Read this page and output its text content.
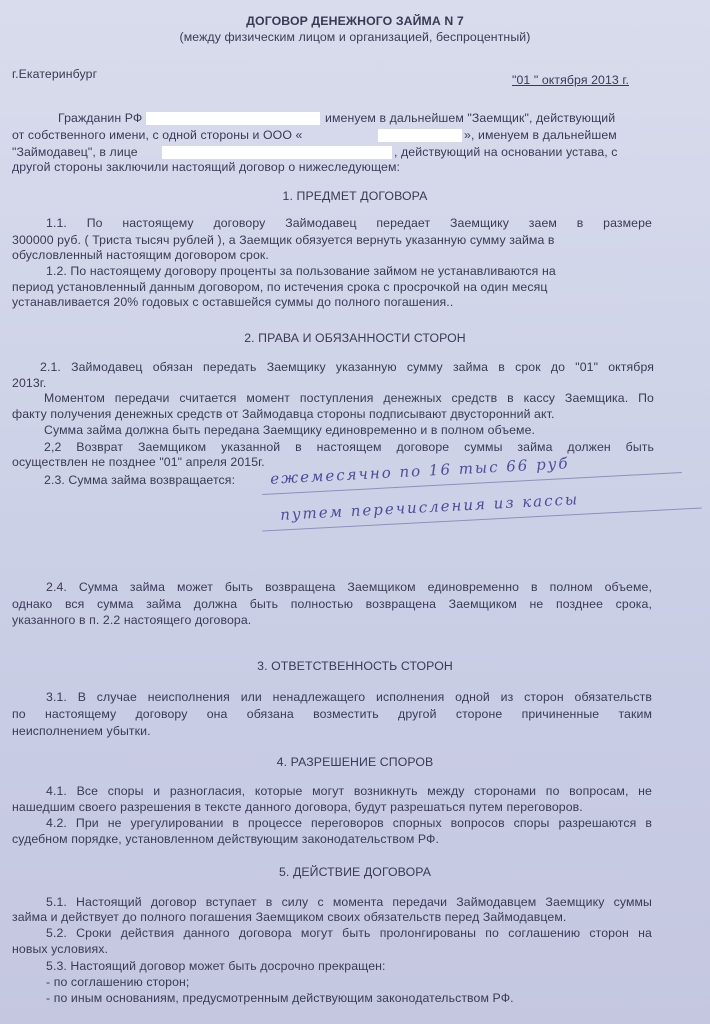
ДОГОВОР ДЕНЕЖНОГО ЗАЙМА N 7
(между физическим лицом и организацией, беспроцентный)
г.Екатеринбург	"01 " октября 2013 г.
Гражданин РФ	именуем в дальнейшем "Заемщик", действующий
от собственного имени, с одной стороны и ООО «	», именуем в дальнейшем
"Займодавец", в лице	, действующий на основании устава, с
другой стороны заключили настоящий договор о нижеследующем:
1. ПРЕДМЕТ ДОГОВОРА
1.1. По настоящему договору Займодавец передает Заемщику заем в размере
300000 руб. ( Триста тысяч рублей ), а Заемщик обязуется вернуть указанную сумму займа в
обусловленный настоящим договором срок.
1.2. По настоящему договору проценты за пользование займом не устанавливаются на
период установленный данным договором, по истечения срока с просрочкой на один месяц
устанавливается 20% годовых с оставшейся суммы до полного погашения..
2. ПРАВА И ОБЯЗАННОСТИ СТОРОН
2.1. Займодавец обязан передать Заемщику указанную сумму займа в срок до "01" октября
2013г.
Моментом передачи считается момент поступления денежных средств в кассу Заемщика. По
факту получения денежных средств от Займодавца стороны подписывают двусторонний акт.
Сумма займа должна быть передана Заемщику единовременно и в полном объеме.
2,2 Возврат Заемщиком указанной в настоящем договоре суммы займа должен быть
осуществлен не позднее "01" апреля 2015г.
2.3. Сумма займа возвращается: ежемесячно по 16 тыс 66 руб
путем перечисления из кассы
2.4. Сумма займа может быть возвращена Заемщиком единовременно в полном объеме,
однако вся сумма займа должна быть полностью возвращена Заемщиком не позднее срока,
указанного в п. 2.2 настоящего договора.
3. ОТВЕТСТВЕННОСТЬ СТОРОН
3.1. В случае неисполнения или ненадлежащего исполнения одной из сторон обязательств
по настоящему договору она обязана возместить другой стороне причиненные таким
неисполнением убытки.
4. РАЗРЕШЕНИЕ СПОРОВ
4.1. Все споры и разногласия, которые могут возникнуть между сторонами по вопросам, не
нашедшим своего разрешения в тексте данного договора, будут разрешаться путем переговоров.
4.2. При не урегулировании в процессе переговоров спорных вопросов споры разрешаются в
судебном порядке, установленном действующим законодательством РФ.
5. ДЕЙСТВИЕ ДОГОВОРА
5.1. Настоящий договор вступает в силу с момента передачи Займодавцем Заемщику суммы
займа и действует до полного погашения Заемщиком своих обязательств перед Займодавцем.
5.2. Сроки действия данного договора могут быть пролонгированы по соглашению сторон на
новых условиях.
5.3. Настоящий договор может быть досрочно прекращен:
- по соглашению сторон;
- по иным основаниям, предусмотренным действующим законодательством РФ.
